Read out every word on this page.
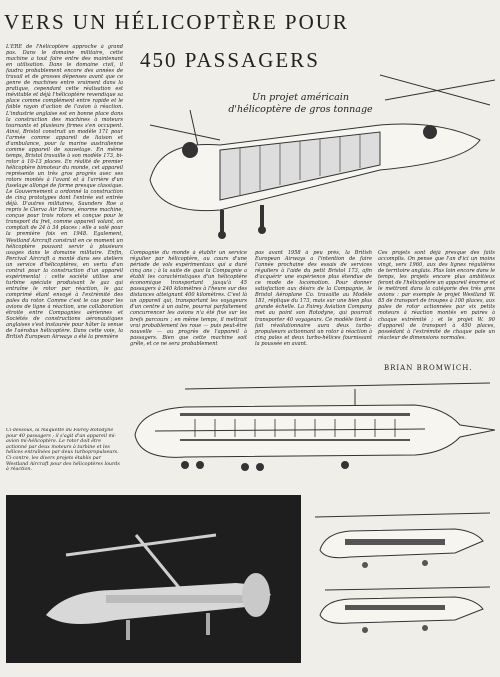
VERS UN HÉLICOPTÈRE POUR
450 PASSAGERS
Un projet américain d'hélicoptère de gros tonnage
L'ÈRE de l'hélicoptère approche à grand pas. Dans le domaine militaire, cette machine a tout faire entre des maintenant en utilisation. Dans le domaine civil, il faudra probablement encore des années de travail et de grosses dépenses avant que ce genre de machines entre vraiment dans la pratique, cependant cette réalisation est inévitable et déjà l'hélicoptère revendique sa place comme complément entre rapide et le faible rayon d'action de l'avion à réaction. L'industrie anglaise est en bonne place dans la construction des machines à moteurs tournants et plusieurs firmes s'en occupent. Ainsi, Bristol construit un modèle 171 pour l'armée comme appareil de liaison et d'ambulance, pour la marine australienne comme appareil de sauvetage. En même temps, Bristol travaille à son modèle 173, bi-rotor à 10-13 places. En réalité de premier hélicoptère bimoteur du monde, cet appareil représente un très gros progrès avec ses rotors montés à l'avant et à l'arrière d'un fuselage allongé de forme presque classique. Le Gouvernement a ordonné la construction de cinq prototypes dont l'entrée est entrée déjà. D'autres militaires, Saunders Roe a repris le Cierva Air Horse, énorme machine, conçue pour trois rotors et conçue pour le transport du fret, comme appareil volant, on comptait de 24 à 34 places ; elle a volé pour la première fois en 1948. Egalement, Westland Aircraft construit en ce moment un hélicoptère pouvant servir à plusieurs usages dans le domaine militaire. Enfin, Percival Aircraft a monté dans ses ateliers un service d'hélicoptères, en vertu d'un contrat pour la construction d'un appareil expérimental : cette société utilise une turbine spéciale produisant le gaz qui entraîne le rotor par réaction, le gaz comprimé étant envoyé à l'extrémité des pales du rotor. Comme c'est le cas pour les avions de ligne à réaction, une collaboration étroite entre Compagnies aériennes et Sociétés de constructions aéronautiques anglaises s'est instaurée pour hâter la venue de l'aérobus hélicoptère. Dans cette voie, la British European Airways a été la première
Compagnie du monde à établir un service régulier par hélicoptère, au cours d'une période de vols expérimentaux qui a duré cinq ans ; à la suite de quoi la Compagnie a établi les caractéristiques d'un hélicoptère économique transportant jusqu'à 45 passagers à 240 kilomètres à l'heure sur des distances atteignant 400 kilomètres. C'est là un appareil qui, transportant les voyageurs d'un centre à un autre, pourrai parfaitement concurrencer les avions n'a été fixe sur les brefs parcours ; en même temps, il mettrait vrai probablement les roue — puis peut-être nouvelle — au progrès de l'appareil à passagers. Bien que cette machine soit grêle, et ce ne sera probablement
pas avant 1958 à peu près, la British European Airways a l'intention de faire l'année prochaine des essais de services réguliers à l'aide du petit Bristol 173, afin d'acquérir une expérience plus étendue de ce mode de locomotion. Pour donner satisfaction aux désirs de la Compagnie, le Bristol Aéroplane Co. travaille au Modèle 181, réplique du 173, mais sur une bien plus grande échelle. La Fairey Aviation Company met au point son Rotodyne, qui pourrait transporter 40 voyageurs. Ce modèle tient à fait révolutionnaire aura deux turbo-propulseurs actionnant un rotor à réaction à cinq pales et deux turbo-hélices fournissant la poussée en avant.
Ces projets sont déjà presque des faits accomplis. On pense que l'an d'ici un moins vingt, vers 1960, aux des lignes régulières de territoire anglais. Plus loin encore dans le temps, les projets encore plus ambitieux feront de l'hélicoptère un appareil énorme et le mettront dans la catégorie des très gros avions : par exemple le projet Westland W. 85 de transport de troupes à 100 places, aux pales de rotor actionnées par six petits moteurs à réaction montés en paires à chaque extrémité ; et le projet W. 90 d'appareil de transport à 450 places, possédant à l'extrémité de chaque pale un réacteur de dimensions normales.
BRIAN BROMWICH.
Ci-dessous, la maquette du Fairey Rotodyne pour 40 passagers ; il s'agit d'un appareil mi-avion mi-hélicoptère. Le rotor doit être actionné par deux moteurs à turbine et les hélices entraînées par deux turbopropulseurs. Ci-contre, les divers projets établis par Westland Aircraft pour des hélicoptères lourds à réaction.
